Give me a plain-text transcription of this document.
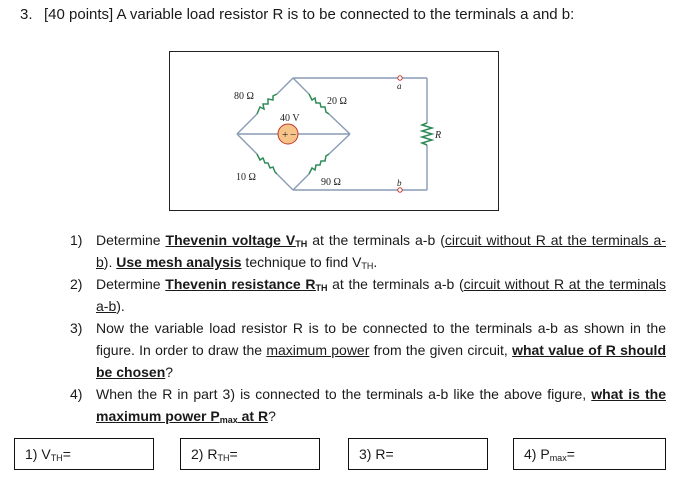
3. [40 points] A variable load resistor R is to be connected to the terminals a and b:
+ −
80 Ω	20 Ω
40 V
10 Ω	90 Ω
a
b
R
1) Determine Thevenin voltage $V_{TH}$ at the terminals a-b (circuit without R at the terminals a-b). Use mesh analysis technique to find $V_{TH}$.
2) Determine Thevenin resistance $R_{TH}$ at the terminals a-b (circuit without R at the terminals a-b).
3) Now the variable load resistor R is to be connected to the terminals a-b as shown in the figure. In order to draw the maximum power from the given circuit, what value of R should be chosen?
4) When the R in part 3) is connected to the terminals a-b like the above figure, what is the maximum power $P_{max}$ at R?
1) $V_{TH}=$	2) $R_{TH}=$	3) R=	4) $P_{max}=$
